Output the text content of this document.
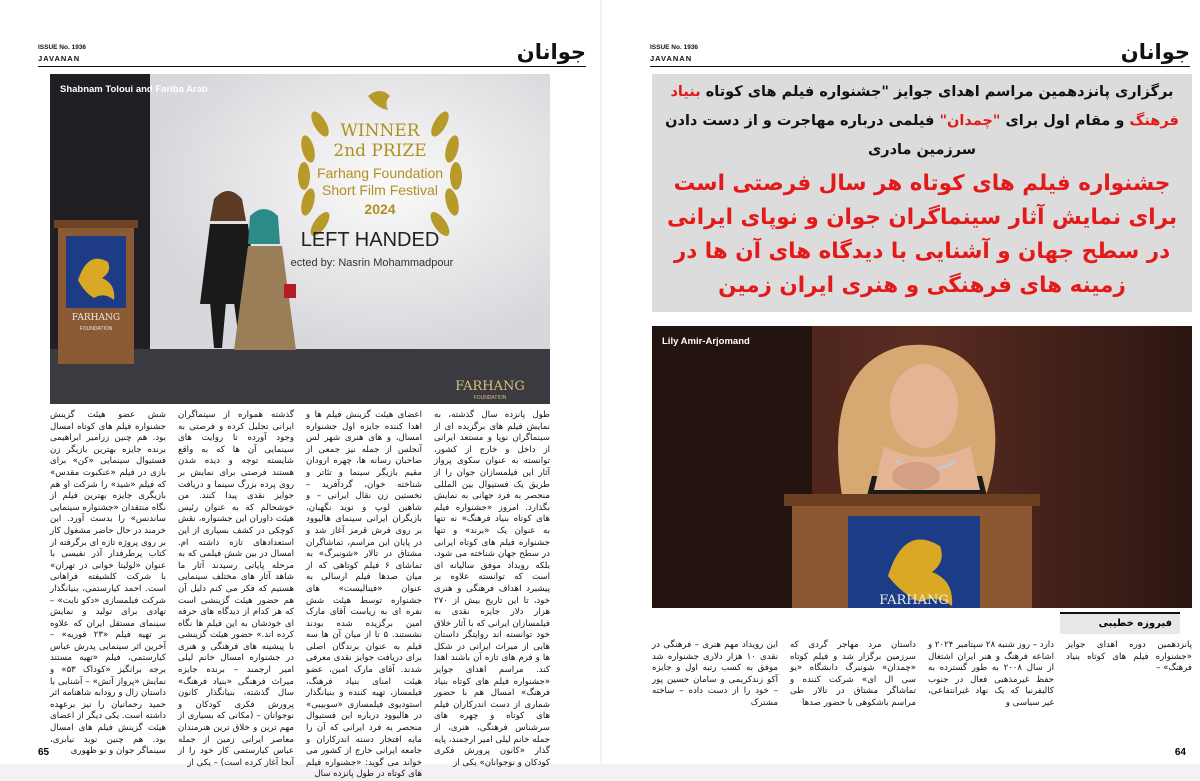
جوانان
ISSUE No. 1936
JAVANAN
WINNER
2nd PRIZE
Farhang Foundation
Short Film Festival
2024
LEFT HANDED
ected by: Nasrin Mohammadpour
FARHANG
FOUNDATION
FARHANG
FOUNDATION
Shabnam Toloui and Fariba Arab
طول پانزده سال گذشته، به نمایش فیلم های برگزیده ای از سینماگران نوپا و مستعد ایرانی از داخل و خارج از کشور، توانسته به عنوان سکوی پرواز آثار این فیلمسازان جوان را از طریق یک فستیوال بین المللی منحصر به فرد جهانی به نمایش بگذارد. امروز «جشنواره فیلم های کوتاه بنیاد فرهنگ» نه تنها به عنوان یک «برند» و تنها جشنواره فیلم های کوتاه ایرانی در سطح جهان شناخته می شود، بلکه رویداد موفق سالیانه ای است که توانسته علاوه بر پیشبرد اهداف فرهنگی و هنری خود، تا این تاریخ بیش از ۲۷۰ هزار دلار جایزه نقدی به فیلمسازان ایرانی که با آثار خلاق خود توانسته اند روایتگر داستان هایی از میراث ایرانی در شکل ها و فرم های تازه آن باشند اهدا کند. مراسم اهدای جوایز «جشنواره فیلم های کوتاه بنیاد فرهنگ» امسال هم با حضور شماری از دست اندرکاران فیلم های کوتاه و چهره های سرشناس فرهنگی، هنری، از جمله خانم لیلی امیر ارجمند، پایه گذار «کانون پرورش فکری کودکان و نوجوانان» یکی از
اعضای هیئت گزینش فیلم ها و اهدا کننده جایزه اول جشنواره امسال، و های هنری شهر لس آنجلس از جمله نیز جمعی از صاحبان رسانه ها، چهره ارودان مقیم بازیگر سینما و تئاتر و شناخته خوان، گردآفرید – نخستین زن نقال ایرانی – و شاهین لوپ و نوید نگهبان، بازیگران ایرانی سینمای هالیوود بر روی فرش قرمز آغاز شد و در پایان این مراسم، تماشاگران مشتاق در تالار «شونبرگ» به تماشای ۶ فیلم کوتاهی که از میان صدها فیلم ارسالی به عنوان «فینالیست» های جشنواره توسط هیئت شش نفره ای به ریاست آقای مارک امین برگزیده شده بودند نشستند. ۵ تا از میان آن ها سه فیلم به عنوان برندگان اصلی برای دریافت جوایز نقدی معرفی شدند. آقای مارک امین، عضو هیئت امنای بنیاد فرهنگ، فیلمساز، تهیه کننده و بنیانگذار استودیوی فیلمسازی «سوبیبی» در هالیوود درباره این فستیوال منحصر به فرد ایرانی که آن را مایه افتخار دسته اندرکاران و جامعه ایرانی خارج از کشور می خواند می گوید: «جشنواره فیلم های کوتاه در طول پانزده سال
گذشته همواره از سینماگران ایرانی تجلیل کرده و فرصتی به وجود آورده تا روایت های سینمایی آن ها که به واقع شایسته توجه و دیده شدن هستند فرصتی برای نمایش بر روی پرده بزرگ سینما و دریافت جوایز نقدی پیدا کنند. من خوشحالم که به عنوان رئیس هیئت داوران این جشنواره، نقش کوچکی در کشف بسیاری از این استعدادهای تازه داشته ام. امسال در بین شش فیلمی که به مرحله پایانی رسیدند آثار ما شاهد آثار های مختلف سینمایی هستیم که فکر می کنم دلیل آن هم حضور هیئت گزینشی است که هر کدام از دیدگاه های حرفه ای خودشان به این فیلم ها نگاه کرده اند.» حضور هیئت گزینشی با پیشینه های فرهنگی و هنری در جشنواره امسال خانم لیلی امیر ارجمند – برنده جایزه میراث فرهنگی «بنیاد فرهنگ» سال گذشته، بنیانگذار کانون پرورش فکری کودکان و نوجوانان – (مکانی که بسیاری از مهم ترین و خلاق ترین هنرمندان معاصر ایرانی زمین از جمله عباس کیارستمی کار خود را از آنجا آغاز کرده است) – یکی از
شش عضو هیئت گزینش جشنواره فیلم های کوتاه امسال بود. هم چنین زرامیر ابراهیمی برنده جایزه بهترین بازیگر زن فستیوال سینمایی «کن» برای بازی در فیلم «عنکبوت مقدس» که فیلم «شید» را شرکت او هم بازیگری جایزه بهترین فیلم از نگاه منتقدان «جشنواره سینمایی ساندنس» را بدست آورد. این خرمند در حال حاضر مشغول کار بر روی پروژه تازه ای برگرفته از کتاب پرطرفدار آذر نفیسی با عنوان «لولیتا خوانی در تهران» با شرکت کلشیفته فراهانی است. احمد کیارستمی، بنیانگذار شرکت فیلمسازی «دکو نایت» – نهادی برای تولید و نمایش سینمای مستقل ایران که علاوه بر تهیه فیلم «۲۳ فوریه» – آخرین اثر سینمایی پدرش عباس کیارستمی، فیلم «تهیه مستند برجه برانگیز «کوداک ۵۳» و نمایش «پرواز آتش» – آشنایی با داستان زال و رودابه شاهنامه اثر حمید رحمانیان را نیز برعهده داشته است. یکی دیگر از اعضای هیئت گزینش فیلم های امسال بود. هم چنین نوید نیابری، سینماگر جوان و نو ظهوری
65
جوانان
ISSUE No. 1936
JAVANAN
برگزاری پانزدهمین مراسم اهدای جوایز "جشنواره فیلم های کوتاه بنیاد فرهنگ و مقام اول برای "چمدان" فیلمی درباره مهاجرت و از دست دادن سرزمین مادری
جشنواره فیلم های کوتاه هر سال فرصتی است برای نمایش آثار سینماگران جوان و نوپای ایرانی در سطح جهان و آشنایی با دیدگاه های آن ها در زمینه های فرهنگی و هنری ایران زمین
FARHANG
Lily Amir-Arjomand
فیروزه خطیبی
پانزدهمین دوره اهدای جوایز «جشنواره فیلم های کوتاه بنیاد فرهنگ» –
دارد – روز شنبه ۲۸ سپتامبر ۲۰۲۴ و اشاعه فرهنگ و هنر ایران اشتغال از سال ۲۰۰۸ به طور گسترده به حفظ غیرمذهبی فعال در جنوب کالیفرنیا که یک نهاد غیرانتفاعی، غیر سیاسی و
داستان مرد مهاجر گردی که سرزمین برگزار شد و فیلم کوتاه «چمدان» شونبرگ دانشگاه «یو سی ال ای» شرکت کننده و تماشاگر مشتاق در تالار طی مراسم باشکوهی با حضور صدها
این رویداد مهم هنری – فرهنگی در نقدی ۱۰ هزار دلاری جشنواره شد موفق به کسب رتبه اول و جایزه آکو زندکریمی و سامان حسین پور – خود را از دست داده – ساخته مشترک
64
